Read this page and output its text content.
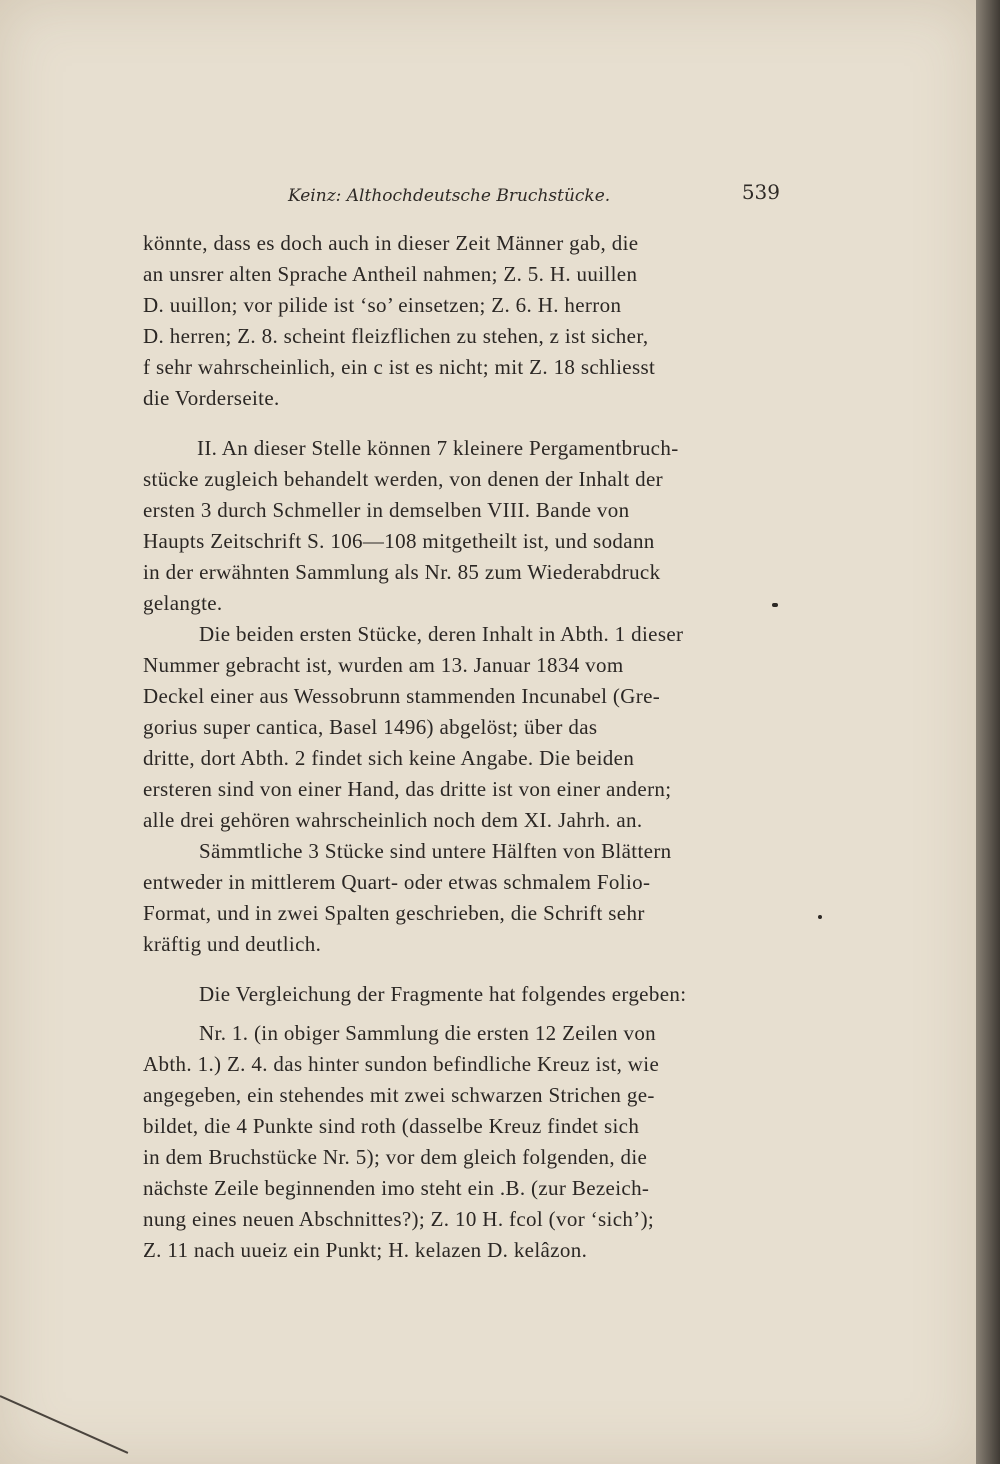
Keinz: Althochdeutsche Bruchstücke.	539
könnte, dass es doch auch in dieser Zeit Männer gab, die
an unsrer alten Sprache Antheil nahmen; Z. 5. H. uuillen
D. uuillon; vor pilide ist ‘so’ einsetzen; Z. 6. H. herron
D. herren; Z. 8. scheint fleizflichen zu stehen, z ist sicher,
f sehr wahrscheinlich, ein c ist es nicht; mit Z. 18 schliesst
die Vorderseite.
II. An dieser Stelle können 7 kleinere Pergamentbruch-
stücke zugleich behandelt werden, von denen der Inhalt der
ersten 3 durch Schmeller in demselben VIII. Bande von
Haupts Zeitschrift S. 106—108 mitgetheilt ist, und sodann
in der erwähnten Sammlung als Nr. 85 zum Wiederabdruck
gelangte.
Die beiden ersten Stücke, deren Inhalt in Abth. 1 dieser
Nummer gebracht ist, wurden am 13. Januar 1834 vom
Deckel einer aus Wessobrunn stammenden Incunabel (Gre-
gorius super cantica, Basel 1496) abgelöst; über das
dritte, dort Abth. 2 findet sich keine Angabe. Die beiden
ersteren sind von einer Hand, das dritte ist von einer andern;
alle drei gehören wahrscheinlich noch dem XI. Jahrh. an.
Sämmtliche 3 Stücke sind untere Hälften von Blättern
entweder in mittlerem Quart- oder etwas schmalem Folio-
Format, und in zwei Spalten geschrieben, die Schrift sehr
kräftig und deutlich.
Die Vergleichung der Fragmente hat folgendes ergeben:
Nr. 1. (in obiger Sammlung die ersten 12 Zeilen von
Abth. 1.) Z. 4. das hinter sundon befindliche Kreuz ist, wie
angegeben, ein stehendes mit zwei schwarzen Strichen ge-
bildet, die 4 Punkte sind roth (dasselbe Kreuz findet sich
in dem Bruchstücke Nr. 5); vor dem gleich folgenden, die
nächste Zeile beginnenden imo steht ein .B. (zur Bezeich-
nung eines neuen Abschnittes?); Z. 10 H. fcol (vor ‘sich’);
Z. 11 nach uueiz ein Punkt; H. kelazen D. kelâzon.
